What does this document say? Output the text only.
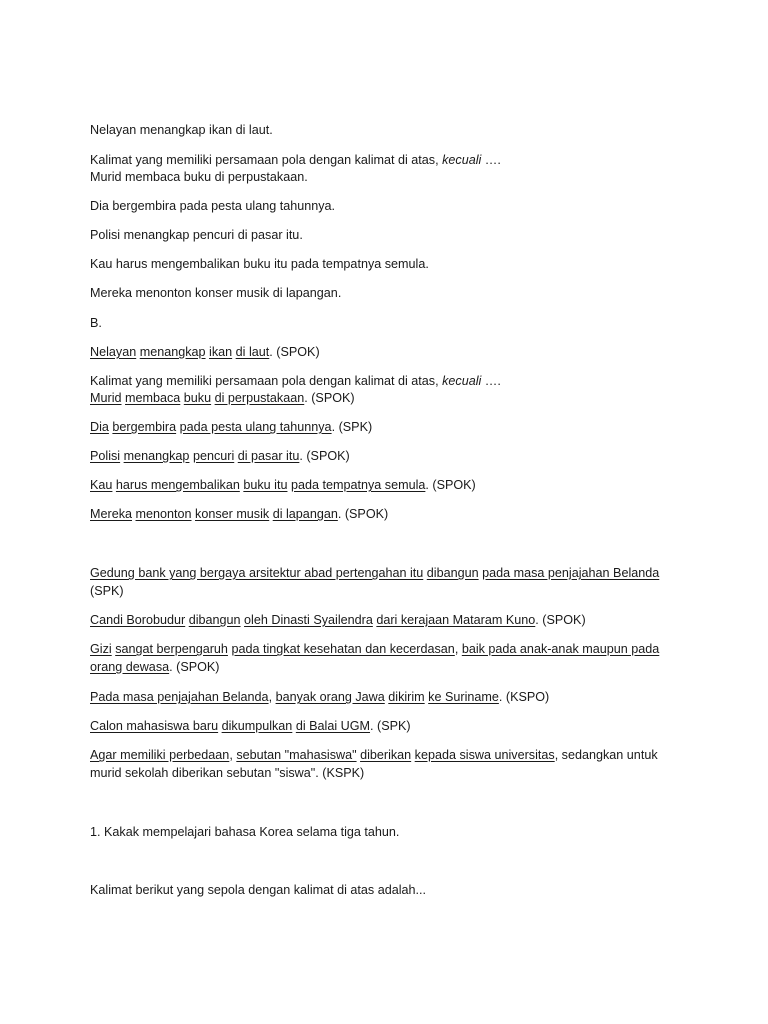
Nelayan menangkap ikan di laut.
Kalimat yang memiliki persamaan pola dengan kalimat di atas, kecuali ….
Murid membaca buku di perpustakaan.
Dia bergembira pada pesta ulang tahunnya.
Polisi menangkap pencuri di pasar itu.
Kau harus mengembalikan buku itu pada tempatnya semula.
Mereka menonton konser musik di lapangan.
B.
Nelayan menangkap ikan di laut. (SPOK)
Kalimat yang memiliki persamaan pola dengan kalimat di atas, kecuali ….
Murid membaca buku di perpustakaan. (SPOK)
Dia bergembira pada pesta ulang tahunnya. (SPK)
Polisi menangkap pencuri di pasar itu. (SPOK)
Kau harus mengembalikan buku itu pada tempatnya semula. (SPOK)
Mereka menonton konser musik di lapangan. (SPOK)
Gedung bank yang bergaya arsitektur abad pertengahan itu dibangun pada masa penjajahan Belanda
(SPK)
Candi Borobudur dibangun oleh Dinasti Syailendra dari kerajaan Mataram Kuno. (SPOK)
Gizi sangat berpengaruh pada tingkat kesehatan dan kecerdasan, baik pada anak-anak maupun pada
orang dewasa. (SPOK)
Pada masa penjajahan Belanda, banyak orang Jawa dikirim ke Suriname. (KSPO)
Calon mahasiswa baru dikumpulkan di Balai UGM. (SPK)
Agar memiliki perbedaan, sebutan "mahasiswa" diberikan kepada siswa universitas, sedangkan untuk
murid sekolah diberikan sebutan "siswa". (KSPK)
1. Kakak mempelajari bahasa Korea selama tiga tahun.
Kalimat berikut yang sepola dengan kalimat di atas adalah...
